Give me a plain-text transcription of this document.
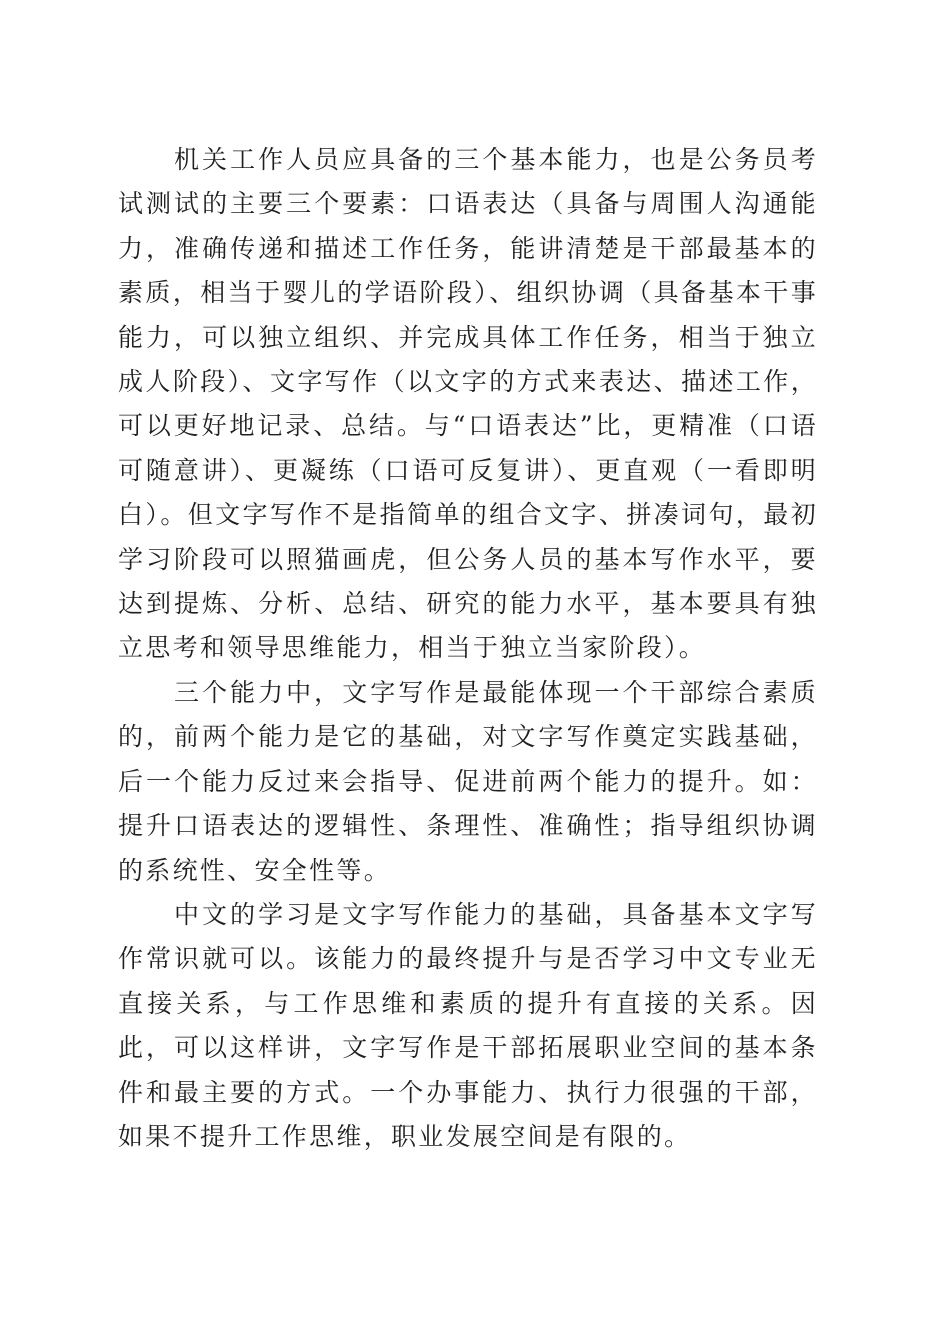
机关工作人员应具备的三个基本能力，也是公务员考试测试的主要三个要素：口语表达（具备与周围人沟通能力，准确传递和描述工作任务，能讲清楚是干部最基本的素质，相当于婴儿的学语阶段）、组织协调（具备基本干事能力，可以独立组织、并完成具体工作任务，相当于独立成人阶段）、文字写作（以文字的方式来表达、描述工作，可以更好地记录、总结。与“口语表达”比，更精准（口语可随意讲）、更凝练（口语可反复讲）、更直观（一看即明白）。但文字写作不是指简单的组合文字、拼凑词句，最初学习阶段可以照猫画虎，但公务人员的基本写作水平，要达到提炼、分析、总结、研究的能力水平，基本要具有独立思考和领导思维能力，相当于独立当家阶段）。

三个能力中，文字写作是最能体现一个干部综合素质的，前两个能力是它的基础，对文字写作奠定实践基础，后一个能力反过来会指导、促进前两个能力的提升。如：提升口语表达的逻辑性、条理性、准确性；指导组织协调的系统性、安全性等。

中文的学习是文字写作能力的基础，具备基本文字写作常识就可以。该能力的最终提升与是否学习中文专业无直接关系，与工作思维和素质的提升有直接的关系。因此，可以这样讲，文字写作是干部拓展职业空间的基本条件和最主要的方式。一个办事能力、执行力很强的干部，如果不提升工作思维，职业发展空间是有限的。
